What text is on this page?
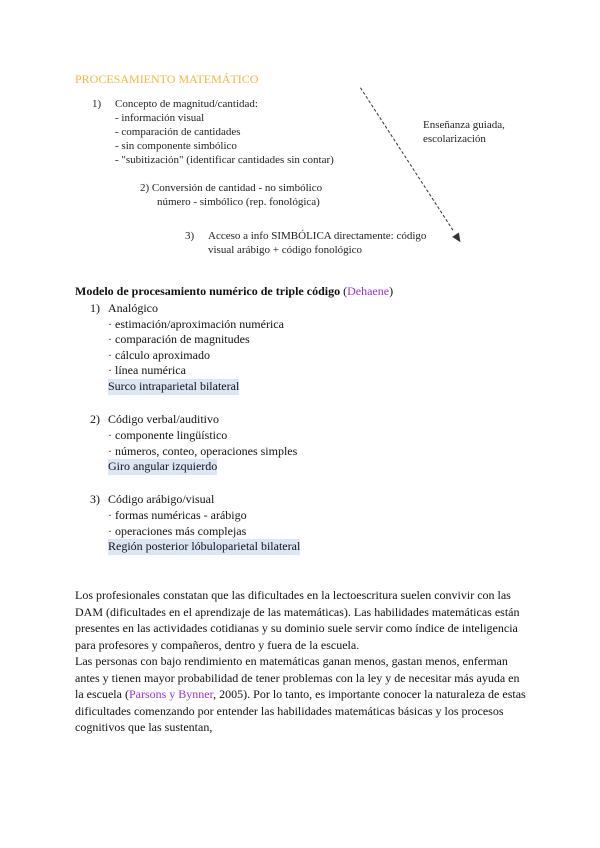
PROCESAMIENTO MATEMÁTICO
1) Concepto de magnitud/cantidad:
- información visual
- comparación de cantidades
- sin componente simbólico
- "subitización" (identificar cantidades sin contar)
2) Conversión de cantidad - no simbólico
número - simbólico (rep. fonológica)
3) Acceso a info SIMBÓLICA directamente: código
visual arábigo + código fonológico
Enseñanza guiada,
escolarización
Modelo de procesamiento numérico de triple código (Dehaene)
1) Analógico
· estimación/aproximación numérica
· comparación de magnitudes
· cálculo aproximado
· línea numérica
Surco intraparietal bilateral
2) Código verbal/auditivo
· componente lingüístico
· números, conteo, operaciones simples
Giro angular izquierdo
3) Código arábigo/visual
· formas numéricas - arábigo
· operaciones más complejas
Región posterior lóbuloparietal bilateral
Los profesionales constatan que las dificultades en la lectoescritura suelen convivir con las DAM (dificultades en el aprendizaje de las matemáticas). Las habilidades matemáticas están presentes en las actividades cotidianas y su dominio suele servir como índice de inteligencia para profesores y compañeros, dentro y fuera de la escuela.
Las personas con bajo rendimiento en matemáticas ganan menos, gastan menos, enferman antes y tienen mayor probabilidad de tener problemas con la ley y de necesitar más ayuda en la escuela (Parsons y Bynner, 2005). Por lo tanto, es importante conocer la naturaleza de estas dificultades comenzando por entender las habilidades matemáticas básicas y los procesos cognitivos que las sustentan,
